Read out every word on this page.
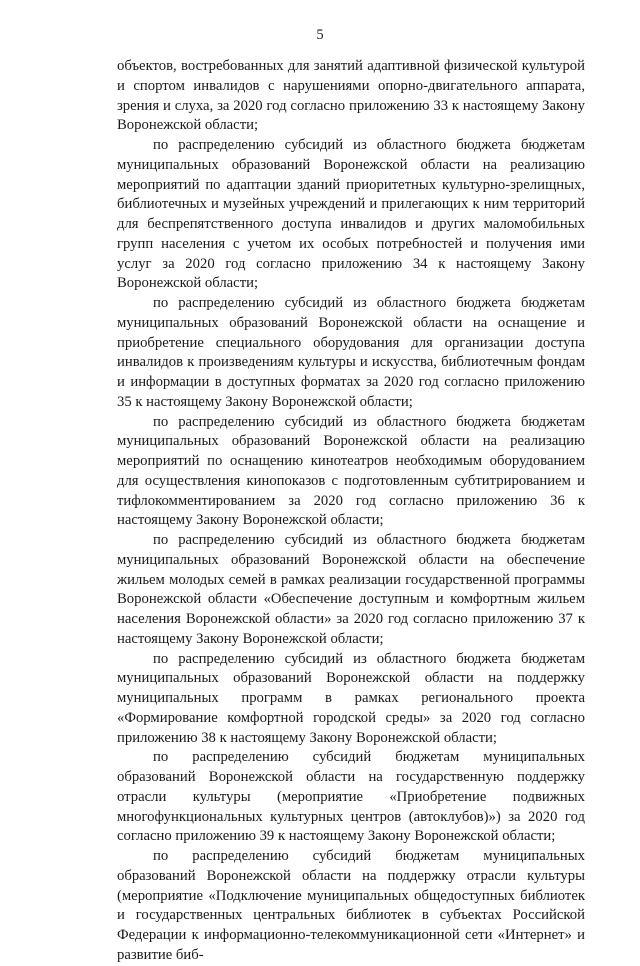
5

объектов, востребованных для занятий адаптивной физической культурой и спортом инвалидов с нарушениями опорно-двигательного аппарата, зрения и слуха, за 2020 год согласно приложению 33 к настоящему Закону Воронежской области;

по распределению субсидий из областного бюджета бюджетам муниципальных образований Воронежской области на реализацию мероприятий по адаптации зданий приоритетных культурно-зрелищных, библиотечных и музейных учреждений и прилегающих к ним территорий для беспрепятственного доступа инвалидов и других маломобильных групп населения с учетом их особых потребностей и получения ими услуг за 2020 год согласно приложению 34 к настоящему Закону Воронежской области;

по распределению субсидий из областного бюджета бюджетам муниципальных образований Воронежской области на оснащение и приобретение специального оборудования для организации доступа инвалидов к произведениям культуры и искусства, библиотечным фондам и информации в доступных форматах за 2020 год согласно приложению 35 к настоящему Закону Воронежской области;

по распределению субсидий из областного бюджета бюджетам муниципальных образований Воронежской области на реализацию мероприятий по оснащению кинотеатров необходимым оборудованием для осуществления кинопоказов с подготовленным субтитрированием и тифлокомментированием за 2020 год согласно приложению 36 к настоящему Закону Воронежской области;

по распределению субсидий из областного бюджета бюджетам муниципальных образований Воронежской области на обеспечение жильем молодых семей в рамках реализации государственной программы Воронежской области «Обеспечение доступным и комфортным жильем населения Воронежской области» за 2020 год согласно приложению 37 к настоящему Закону Воронежской области;

по распределению субсидий из областного бюджета бюджетам муниципальных образований Воронежской области на поддержку муниципальных программ в рамках регионального проекта «Формирование комфортной городской среды» за 2020 год согласно приложению 38 к настоящему Закону Воронежской области;

по распределению субсидий бюджетам муниципальных образований Воронежской области на государственную поддержку отрасли культуры (мероприятие «Приобретение подвижных многофункциональных культурных центров (автоклубов)») за 2020 год согласно приложению 39 к настоящему Закону Воронежской области;

по распределению субсидий бюджетам муниципальных образований Воронежской области на поддержку отрасли культуры (мероприятие «Подключение муниципальных общедоступных библиотек и государственных центральных библиотек в субъектах Российской Федерации к информационно-телекоммуникационной сети «Интернет» и развитие биб-
